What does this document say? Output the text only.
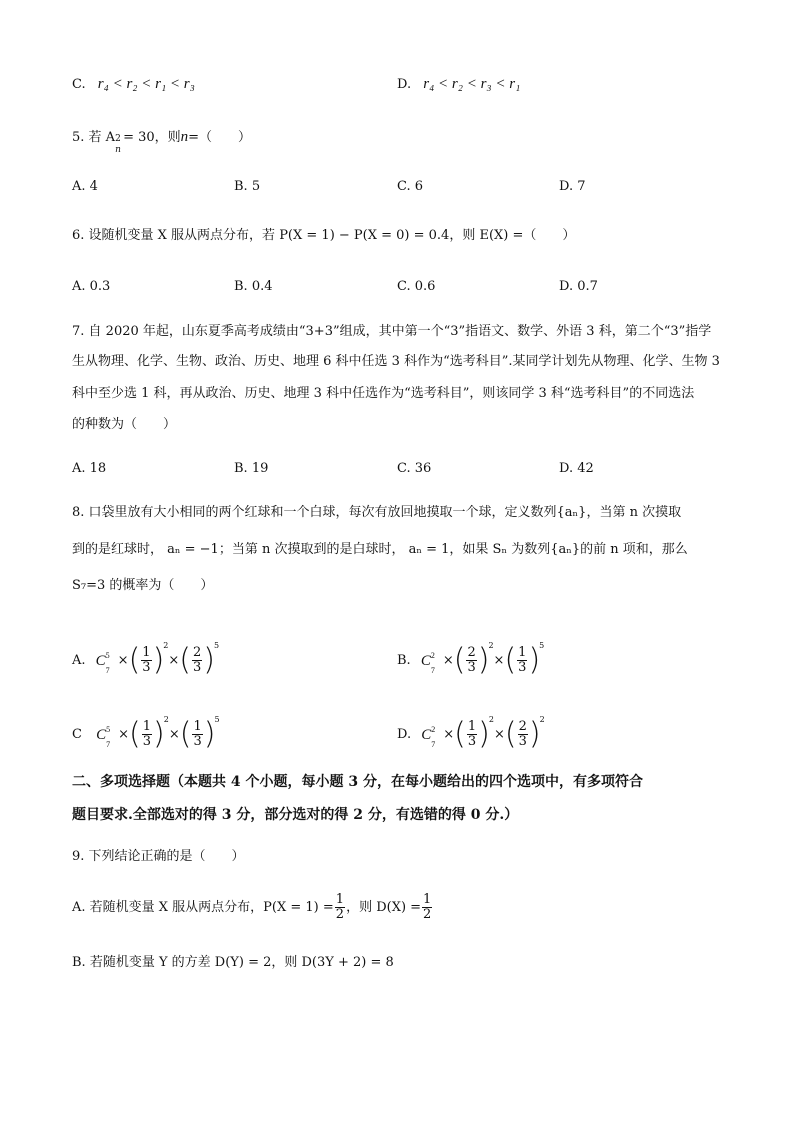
C. r₄ < r₂ < r₁ < r₃	D. r₄ < r₂ < r₃ < r₁
5. 若 A 2
n
= 30，则n=（　　）
A. 4	B. 5	C. 6	D. 7
6. 设随机变量 X 服从两点分布，若 P(X = 1) − P(X = 0) = 0.4，则 E(X) =（　　）
A. 0.3	B. 0.4	C. 0.6	D. 0.7
7. 自 2020 年起，山东夏季高考成绩由“3+3”组成，其中第一个“3”指语文、数学、外语 3 科，第二个“3”指学
生从物理、化学、生物、政治、历史、地理 6 科中任选 3 科作为“选考科目”.某同学计划先从物理、化学、生物 3
科中至少选 1 科，再从政治、历史、地理 3 科中任选作为“选考科目”，则该同学 3 科“选考科目”的不同选法
的种数为（　　）
A. 18	B. 19	C. 36	D. 42
8. 口袋里放有大小相同的两个红球和一个白球，每次有放回地摸取一个球，定义数列{aₙ}，当第 n 次摸取
到的是红球时， aₙ = −1；当第 n 次摸取到的是白球时， aₙ = 1，如果 Sₙ 为数列{aₙ}的前 n 项和，那么
S₇=3 的概率为（　　）
A. C 5
7
×( $\frac{1}{3} )^2\times( \frac{2}{3} )^5$
B. C 2
7
×( $\frac{2}{3} )^2\times( \frac{1}{3} )^5$
C C 5
7
×( $\frac{1}{3} )^2\times( \frac{1}{3} )^5$
D. C 2
7
×( $\frac{1}{3} )^2\times( \frac{2}{3} )^2$
二、多项选择题（本题共 4 个小题，每小题 3 分，在每小题给出的四个选项中，有多项符合
题目要求.全部选对的得 3 分，部分选对的得 2 分，有选错的得 0 分.）
9. 下列结论正确的是（　　）
A. 若随机变量 X 服从两点分布，$P(X = 1) = \frac{1}{2}$ ，则 $D(X) = \frac{1}{2}$
B. 若随机变量 Y 的方差 D(Y) = 2，则 D(3Y + 2) = 8
